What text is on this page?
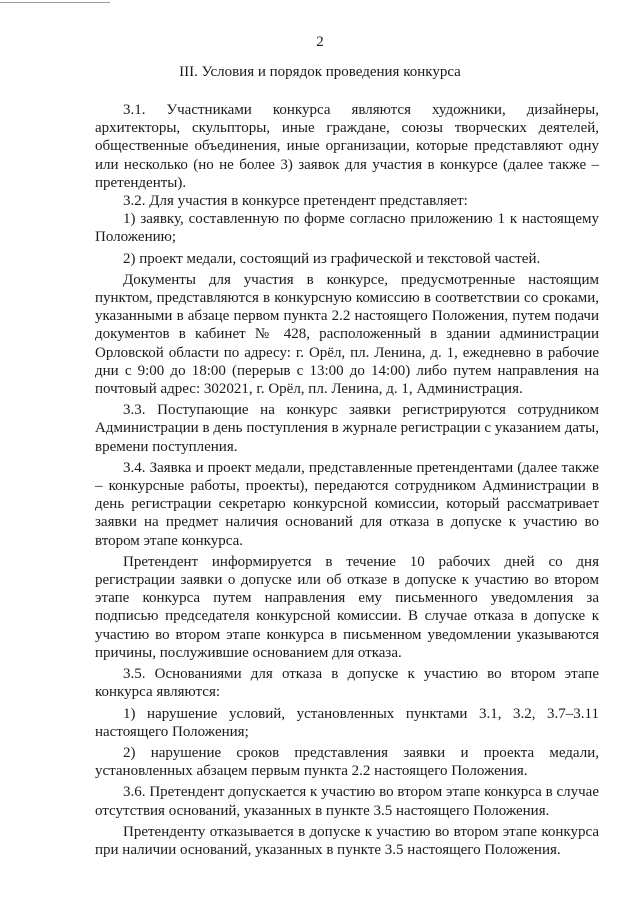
2
III. Условия и порядок проведения конкурса

3.1. Участниками конкурса являются художники, дизайнеры, архитекторы, скульпторы, иные граждане, союзы творческих деятелей, общественные объединения, иные организации, которые представляют одну или несколько (но не более 3) заявок для участия в конкурсе (далее также – претенденты).

3.2. Для участия в конкурсе претендент представляет:

1) заявку, составленную по форме согласно приложению 1 к настоящему Положению;

2) проект медали, состоящий из графической и текстовой частей.

Документы для участия в конкурсе, предусмотренные настоящим пунктом, представляются в конкурсную комиссию в соответствии со сроками, указанными в абзаце первом пункта 2.2 настоящего Положения, путем подачи документов в кабинет № 428, расположенный в здании администрации Орловской области по адресу: г. Орёл, пл. Ленина, д. 1, ежедневно в рабочие дни с 9:00 до 18:00 (перерыв с 13:00 до 14:00) либо путем направления на почтовый адрес: 302021, г. Орёл, пл. Ленина, д. 1, Администрация.

3.3. Поступающие на конкурс заявки регистрируются сотрудником Администрации в день поступления в журнале регистрации с указанием даты, времени поступления.

3.4. Заявка и проект медали, представленные претендентами (далее также – конкурсные работы, проекты), передаются сотрудником Администрации в день регистрации секретарю конкурсной комиссии, который рассматривает заявки на предмет наличия оснований для отказа в допуске к участию во втором этапе конкурса.

Претендент информируется в течение 10 рабочих дней со дня регистрации заявки о допуске или об отказе в допуске к участию во втором этапе конкурса путем направления ему письменного уведомления за подписью председателя конкурсной комиссии. В случае отказа в допуске к участию во втором этапе конкурса в письменном уведомлении указываются причины, послужившие основанием для отказа.

3.5. Основаниями для отказа в допуске к участию во втором этапе конкурса являются:

1) нарушение условий, установленных пунктами 3.1, 3.2, 3.7–3.11 настоящего Положения;

2) нарушение сроков представления заявки и проекта медали, установленных абзацем первым пункта 2.2 настоящего Положения.

3.6. Претендент допускается к участию во втором этапе конкурса в случае отсутствия оснований, указанных в пункте 3.5 настоящего Положения.

Претенденту отказывается в допуске к участию во втором этапе конкурса при наличии оснований, указанных в пункте 3.5 настоящего Положения.
